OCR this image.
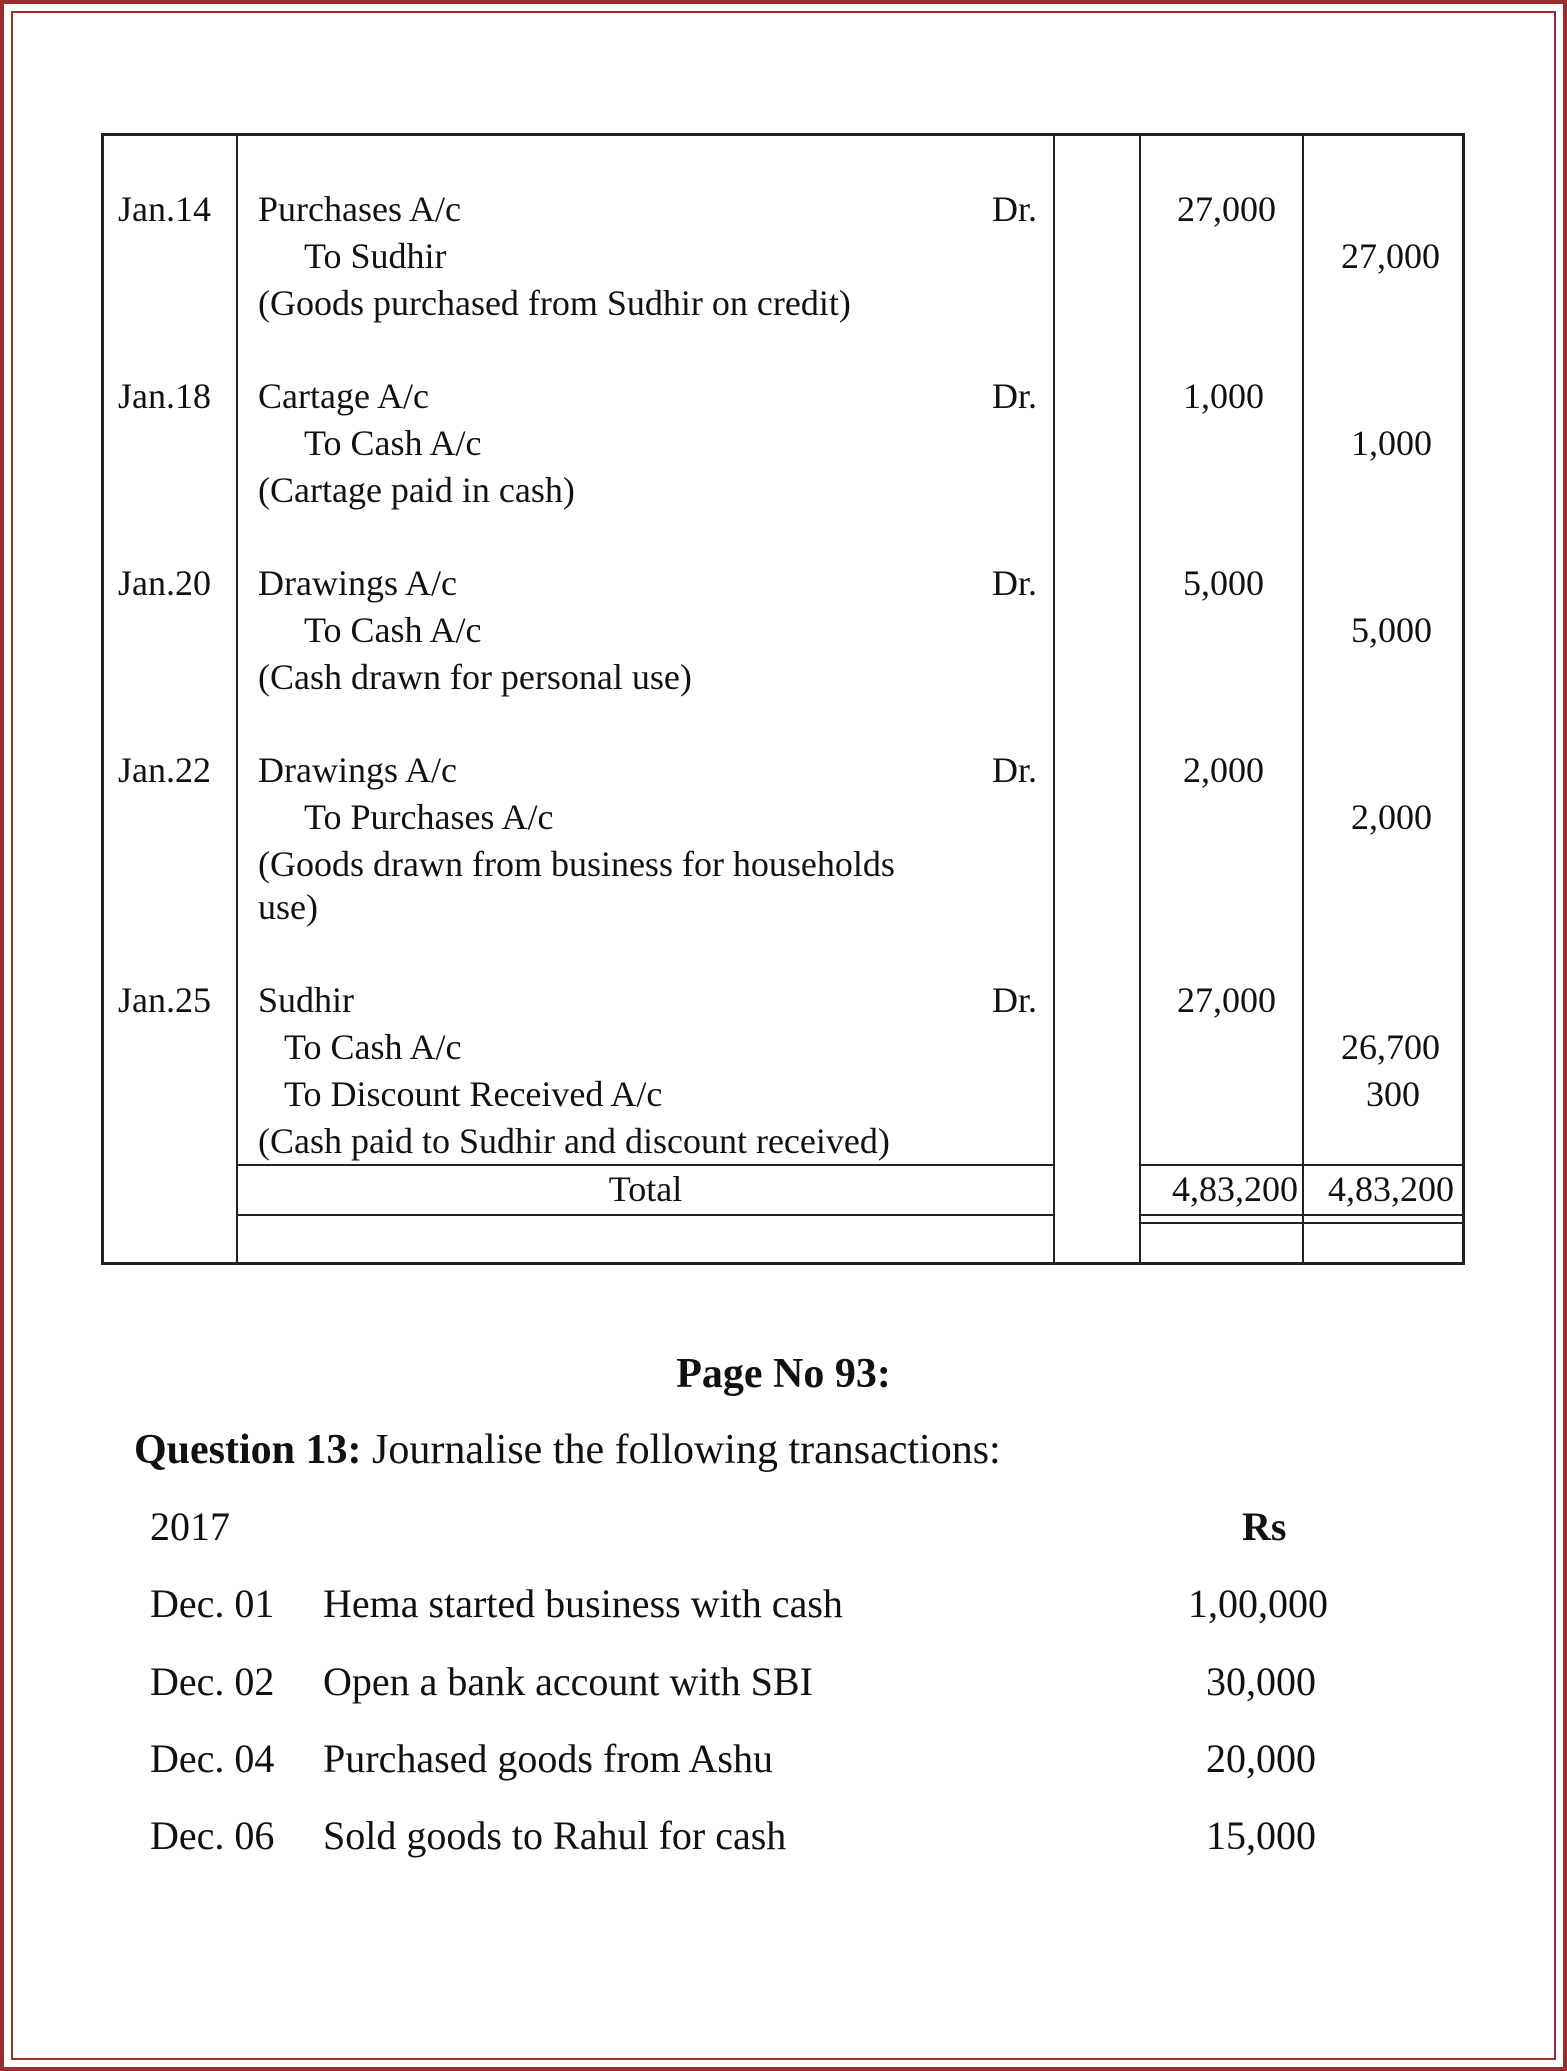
Jan.14 Purchases A/c	Dr.	27,000
To Sudhir	27,000
(Goods purchased from Sudhir on credit)
Jan.18 Cartage A/c	Dr.	1,000
To Cash A/c	1,000
(Cartage paid in cash)
Jan.20 Drawings A/c	Dr.	5,000
To Cash A/c	5,000
(Cash drawn for personal use)
Jan.22 Drawings A/c	Dr.	2,000
To Purchases A/c	2,000
(Goods drawn from business for households
use)
Jan.25 Sudhir	Dr.	27,000
To Cash A/c	26,700
To Discount Received A/c	300
(Cash paid to Sudhir and discount received)
Total	4,83,200 4,83,200
Page No 93:
Question 13: Journalise the following transactions:
2017	Rs
Dec. 01 Hema started business with cash	1,00,000
Dec. 02 Open a bank account with SBI	30,000
Dec. 04 Purchased goods from Ashu	20,000
Dec. 06 Sold goods to Rahul for cash	15,000
